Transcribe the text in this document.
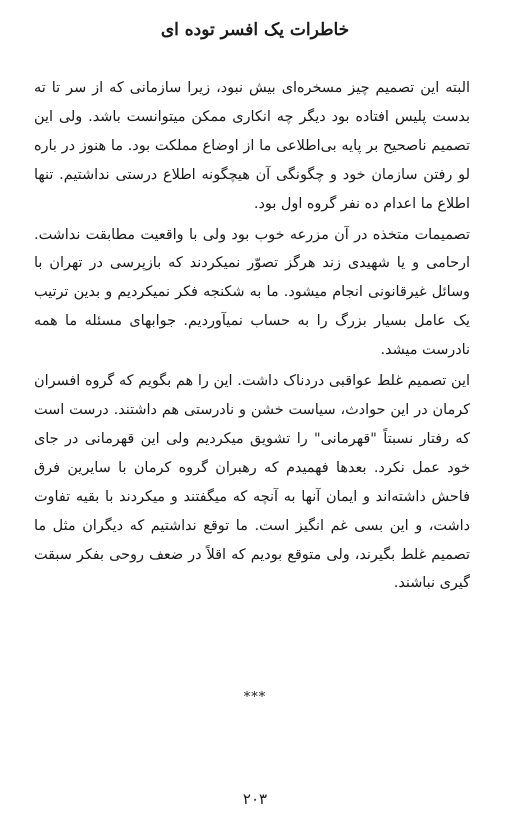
خاطرات یک افسر توده ای

البته این تصمیم چیز مسخره‌ای بیش نبود، زیرا سازمانی که از سر تا ته بدست پلیس افتاده بود دیگر چه انکاری ممکن میتوانست باشد. ولی این تصمیم ناصحیح بر پایه بی‌اطلاعی ما از اوضاع مملکت بود. ما هنوز در باره لو رفتن سازمان خود و چگونگی آن هیچگونه اطلاع درستی نداشتیم. تنها اطلاع ما اعدام ده نفر گروه اول بود.

تصمیمات متخذه در آن مزرعه خوب بود ولی با واقعیت مطابقت نداشت. ارحامی و یا شهیدی زند هرگز تصوّر نمیکردند که بازپرسی در تهران با وسائل غیرقانونی انجام میشود. ما به شکنجه فکر نمیکردیم و بدین ترتیب یک عامل بسیار بزرگ را به حساب نمیآوردیم. جوابهای مسئله ما همه نادرست میشد.

این تصمیم غلط عواقبی دردناک داشت. این را هم بگویم که گروه افسران کرمان در این حوادث، سیاست خشن و نادرستی هم داشتند. درست است که رفتار نسبتاً "قهرمانی" را تشویق میکردیم ولی این قهرمانی در جای خود عمل نکرد. بعدها فهمیدم که رهبران گروه کرمان با سایرین فرق فاحش داشته‌اند و ایمان آنها به آنچه که میگفتند و میکردند با بقیه تفاوت داشت، و این بسی غم انگیز است. ما توقع نداشتیم که دیگران مثل ما تصمیم غلط بگیرند، ولی متوقع بودیم که اقلاً در ضعف روحی بفکر سبقت گیری نباشند.

***
۲۰۳
